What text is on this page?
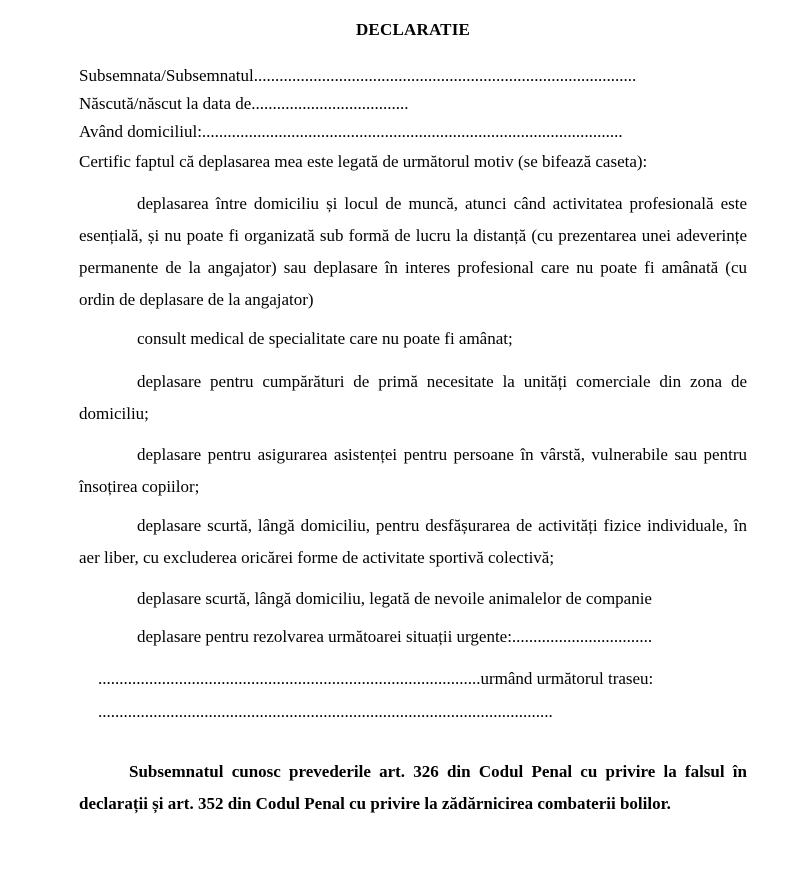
DECLARATIE
Subsemnata/Subsemnatul..........................................................................................
Născută/născut la data de.....................................
Având domiciliul:...................................................................................................
Certific faptul că deplasarea mea este legată de următorul motiv (se bifează caseta):
deplasarea între domiciliu și locul de muncă, atunci când activitatea profesională este esențială, și nu poate fi organizată sub formă de lucru la distanță (cu prezentarea unei adeverințe permanente de la angajator) sau deplasare în interes profesional care nu poate fi amânată (cu ordin de deplasare de la angajator)
consult medical de specialitate care nu poate fi amânat;
deplasare pentru cumpărături de primă necesitate la unități comerciale din zona de domiciliu;
deplasare pentru asigurarea asistenței pentru persoane în vârstă, vulnerabile sau pentru însoțirea copiilor;
deplasare scurtă, lângă domiciliu, pentru desfășurarea de activități fizice individuale, în aer liber, cu excluderea oricărei forme de activitate sportivă colectivă;
deplasare scurtă, lângă domiciliu, legată de nevoile animalelor de companie
deplasare pentru rezolvarea următoarei situații urgente:.................................
..........................................................................................urmând următorul traseu:
...........................................................................................................
Subsemnatul cunosc prevederile art. 326 din Codul Penal cu privire la falsul în declarații și art. 352 din Codul Penal cu privire la zădărnicirea combaterii bolilor.
